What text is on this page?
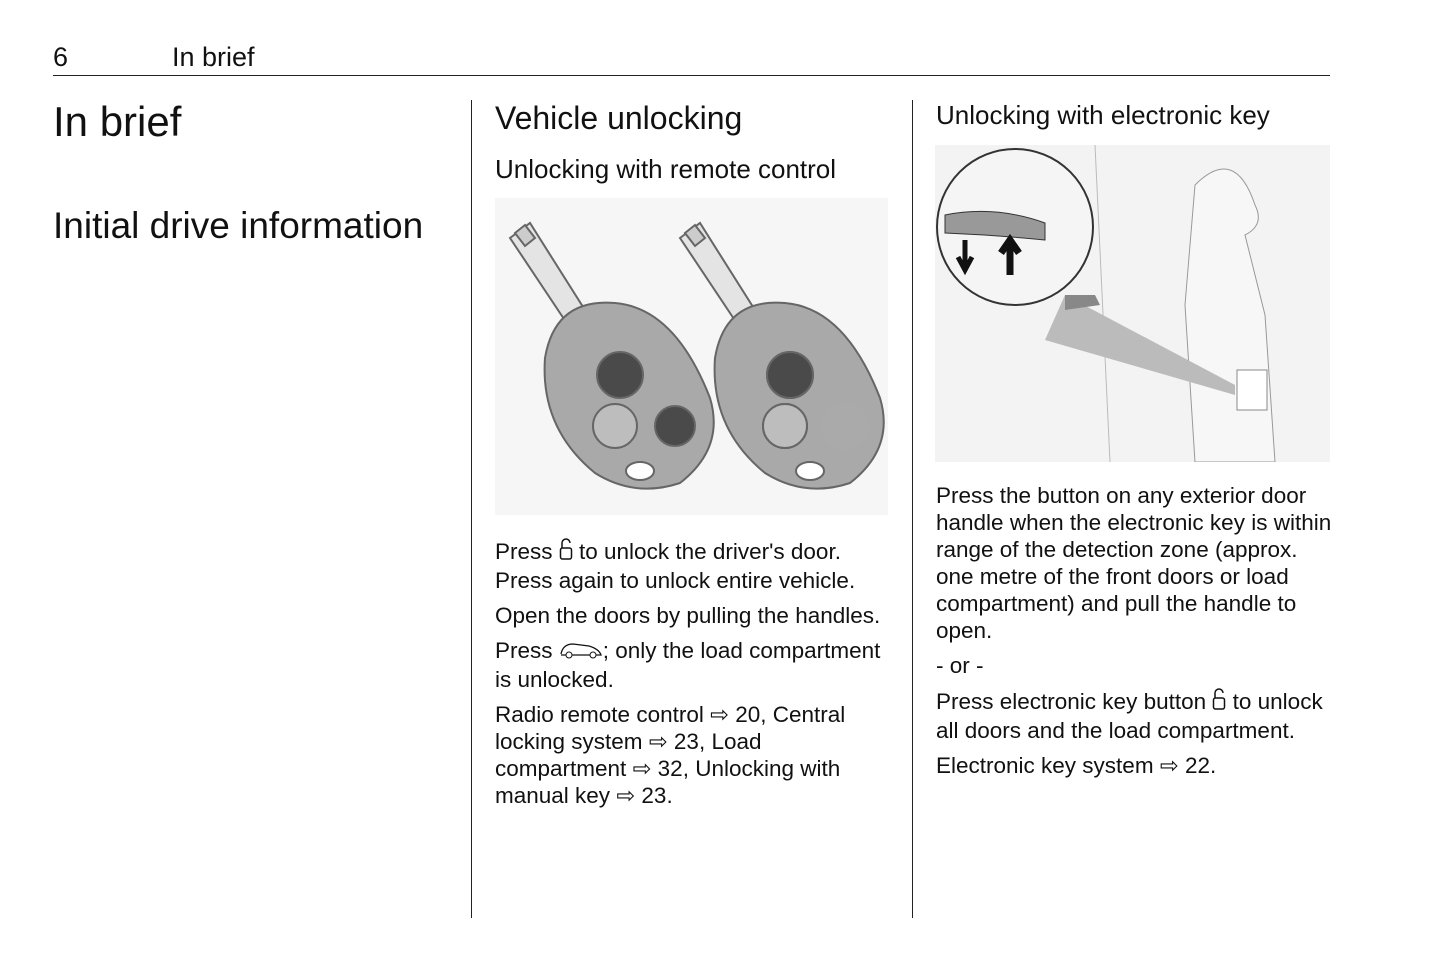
6	In brief
In brief
Initial drive information
Vehicle unlocking
Unlocking with remote control

Press  to unlock the driver's door. Press again to unlock entire vehicle.

Open the doors by pulling the handles.

Press ; only the load compartment is unlocked.

Radio remote control ⇨ 20, Central locking system ⇨ 23, Load compartment ⇨ 32, Unlocking with manual key ⇨ 23.

Unlocking with electronic key

Press the button on any exterior door handle when the electronic key is within range of the detection zone (approx. one metre of the front doors or load compartment) and pull the handle to open.

- or -

Press electronic key button  to unlock all doors and the load compartment.

Electronic key system ⇨ 22.
